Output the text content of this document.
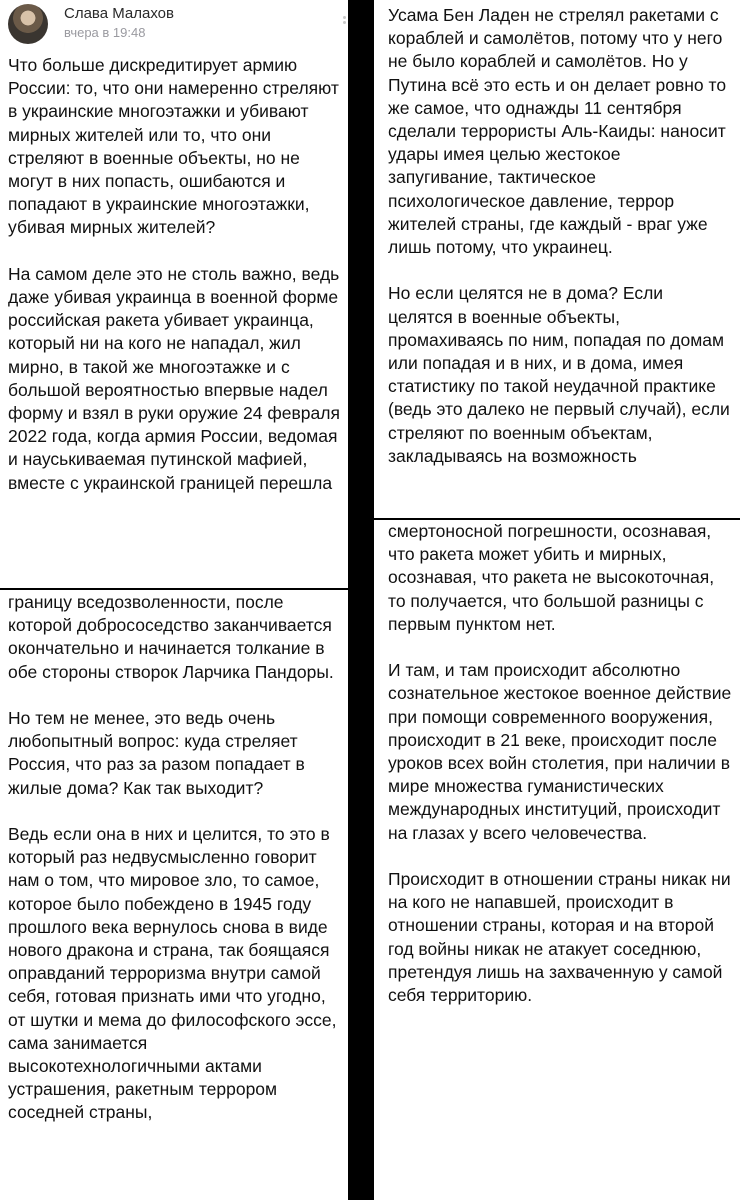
Слава Малахов
вчера в 19:48
Что больше дискредитирует армию России: то, что они намеренно стреляют в украинские многоэтажки и убивают мирных жителей или то, что они стреляют в военные объекты, но не могут в них попасть, ошибаются и попадают в украинские многоэтажки, убивая мирных жителей?

На самом деле это не столь важно, ведь даже убивая украинца в военной форме российская ракета убивает украинца, который ни на кого не нападал, жил мирно, в такой же многоэтажке и с большой вероятностью впервые надел форму и взял в руки оружие 24 февраля 2022 года, когда армия России, ведомая и науськиваемая путинской мафией, вместе с украинской границей перешла
границу вседозволенности, после которой добрососедство заканчивается окончательно и начинается толкание в обе стороны створок Ларчика Пандоры.

Но тем не менее, это ведь очень любопытный вопрос: куда стреляет Россия, что раз за разом попадает в жилые дома? Как так выходит?

Ведь если она в них и целится, то это в который раз недвусмысленно говорит нам о том, что мировое зло, то самое, которое было побеждено в 1945 году прошлого века вернулось снова в виде нового дракона и страна, так боящаяся оправданий терроризма внутри самой себя, готовая признать ими что угодно, от шутки и мема до философского эссе, сама занимается высокотехнологичными актами устрашения, ракетным террором соседней страны,
Усама Бен Ладен не стрелял ракетами с кораблей и самолётов, потому что у него не было кораблей и самолётов. Но у Путина всё это есть и он делает ровно то же самое, что однажды 11 сентября сделали террористы Аль-Каиды: наносит удары имея целью жестокое запугивание, тактическое психологическое давление, террор жителей страны, где каждый - враг уже лишь потому, что украинец.

Но если целятся не в дома? Если целятся в военные объекты, промахиваясь по ним, попадая по домам или попадая и в них, и в дома, имея статистику по такой неудачной практике (ведь это далеко не первый случай), если стреляют по военным объектам, закладываясь на возможность
смертоносной погрешности, осознавая, что ракета может убить и мирных, осознавая, что ракета не высокоточная, то получается, что большой разницы с первым пунктом нет.

И там, и там происходит абсолютно сознательное жестокое военное действие при помощи современного вооружения, происходит в 21 веке, происходит после уроков всех войн столетия, при наличии в мире множества гуманистических международных институций, происходит на глазах у всего человечества.

Происходит в отношении страны никак ни на кого не напавшей, происходит в отношении страны, которая и на второй год войны никак не атакует соседнюю, претендуя лишь на захваченную у самой себя территорию.
